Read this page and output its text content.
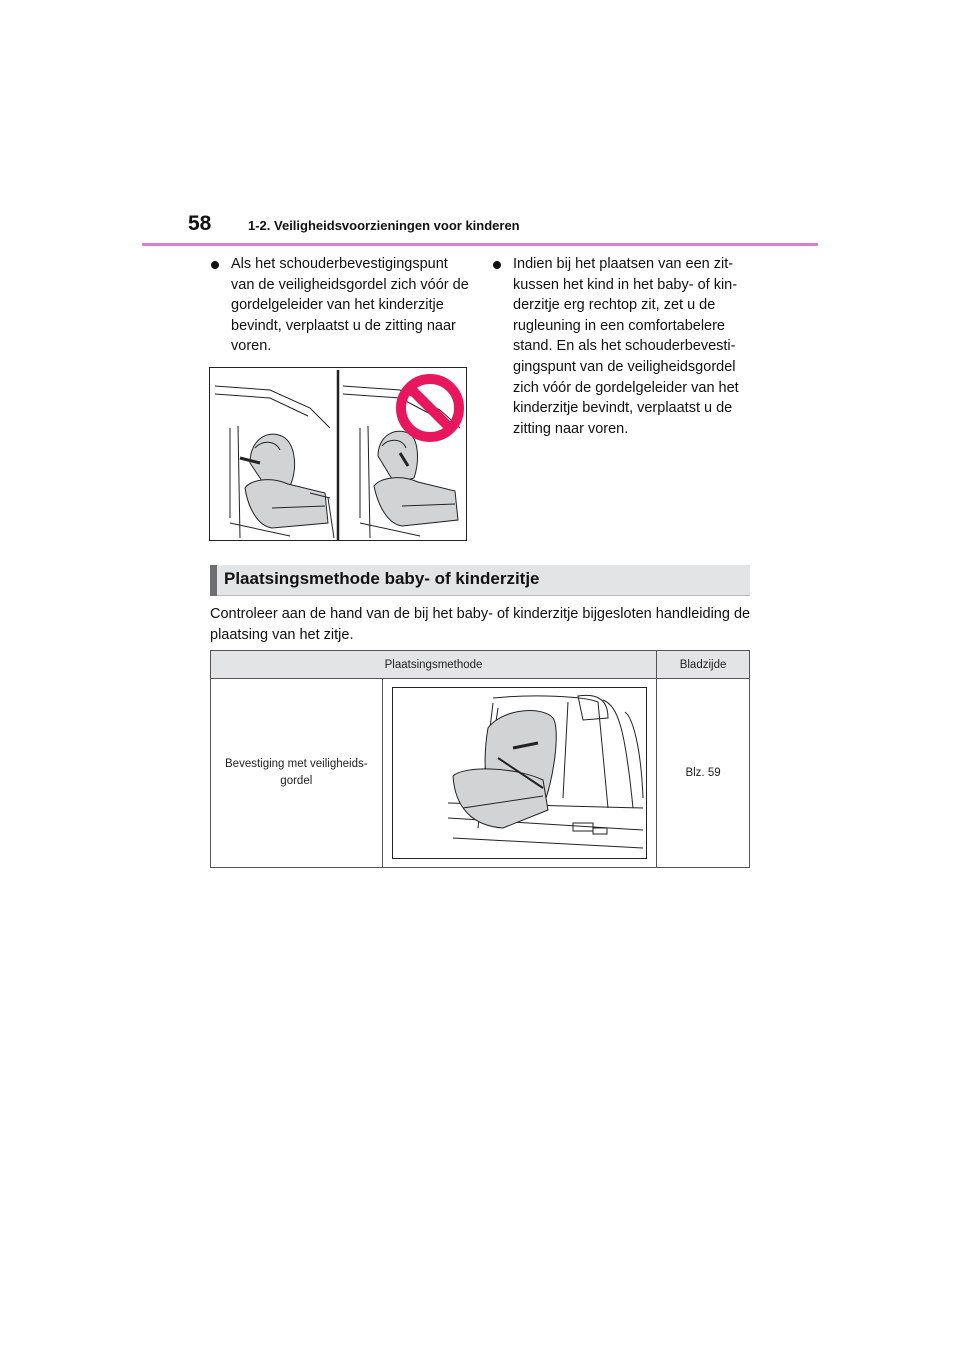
58	1-2. Veiligheidsvoorzieningen voor kinderen
Als het schouderbevestigingspunt van de veiligheidsgordel zich vóór de gordelgeleider van het kinderzitje bevindt, verplaatst u de zitting naar voren.
Indien bij het plaatsen van een zit-kussen het kind in het baby- of kin-derzitje erg rechtop zit, zet u de rugleuning in een comfortabelere stand. En als het schouderbevesti-gingspunt van de veiligheidsgordel zich vóór de gordelgeleider van het kinderzitje bevindt, verplaatst u de zitting naar voren.
Plaatsingsmethode baby- of kinderzitje
Controleer aan de hand van de bij het baby- of kinderzitje bijgesloten handleiding de plaatsing van het zitje.
Plaatsingsmethode		Bladzijde

Bevestiging met veiligheids-gordel		Blz. 59
